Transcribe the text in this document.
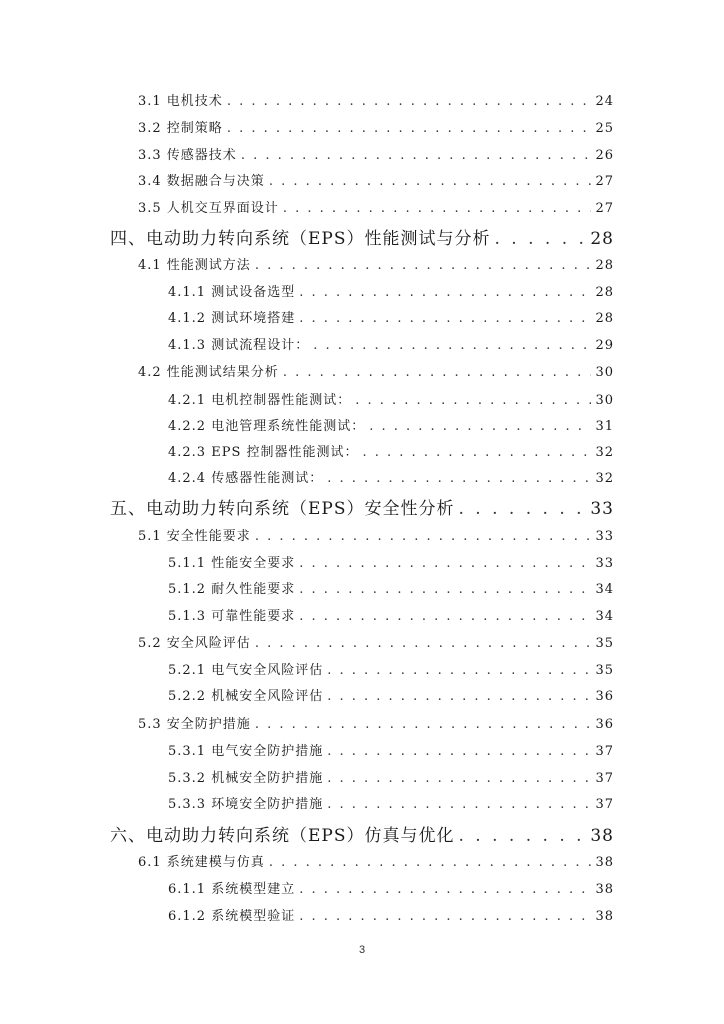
3.1 电机技术 . . .	24
3.2 控制策略 . . .	25
3.3 传感器技术 . . .	26
3.4 数据融合与决策 . . .	27
3.5 人机交互界面设计 . . .	27
四、电动助力转向系统（EPS）性能测试与分析 . . .	28
4.1 性能测试方法 . . .	28
4.1.1 测试设备选型 . . .	28
4.1.2 测试环境搭建 . . .	28
4.1.3 测试流程设计： . . .	29
4.2 性能测试结果分析 . . .	30
4.2.1 电机控制器性能测试： . . .	30
4.2.2 电池管理系统性能测试： . . .	31
4.2.3 EPS 控制器性能测试： . . .	32
4.2.4 传感器性能测试： . . .	32
五、电动助力转向系统（EPS）安全性分析 . . .	33
5.1 安全性能要求 . . .	33
5.1.1 性能安全要求 . . .	33
5.1.2 耐久性能要求 . . .	34
5.1.3 可靠性能要求 . . .	34
5.2 安全风险评估 . . .	35
5.2.1 电气安全风险评估 . . .	35
5.2.2 机械安全风险评估 . . .	36
5.3 安全防护措施 . . .	36
5.3.1 电气安全防护措施 . . .	37
5.3.2 机械安全防护措施 . . .	37
5.3.3 环境安全防护措施 . . .	37
六、电动助力转向系统（EPS）仿真与优化 . . .	38
6.1 系统建模与仿真 . . .	38
6.1.1 系统模型建立 . . .	38
6.1.2 系统模型验证 . . .	38
3
